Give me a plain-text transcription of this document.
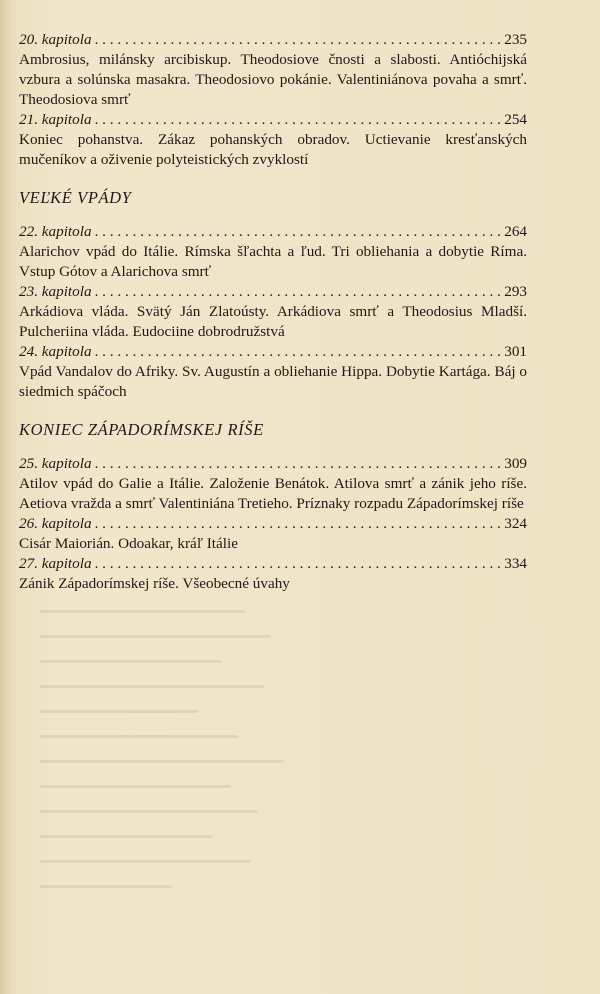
20. kapitola . . .	235

Ambrosius, milánsky arcibiskup. Theodosiove čnosti a slabosti. Antióchijská vzbura a solúnska masakra. Theodosiovo pokánie. Valentiniánova povaha a smrť. Theodosiova smrť

21. kapitola . . .	254

Koniec pohanstva. Zákaz pohanských obradov. Uctievanie kresťanských mučeníkov a oživenie polyteistických zvyklostí

VEĽKÉ VPÁDY
22. kapitola . . .	264

Alarichov vpád do Itálie. Rímska šľachta a ľud. Tri obliehania a dobytie Ríma. Vstup Gótov a Alarichova smrť

23. kapitola . . .	293

Arkádiova vláda. Svätý Ján Zlatoústy. Arkádiova smrť a Theodosius Mladší. Pulcheriina vláda. Eudociine dobrodružstvá

24. kapitola . . .	301

Vpád Vandalov do Afriky. Sv. Augustín a obliehanie Hippa. Dobytie Kartága. Báj o siedmich spáčoch

KONIEC ZÁPADORÍMSKEJ RÍŠE
25. kapitola . . .	309

Atilov vpád do Galie a Itálie. Založenie Benátok. Atilova smrť a zánik jeho ríše. Aetiova vražda a smrť Valentiniána Tretieho. Príznaky rozpadu Západorímskej ríše

26. kapitola . . .	324

Cisár Maiorián. Odoakar, kráľ Itálie

27. kapitola . . .	334

Zánik Západorímskej ríše. Všeobecné úvahy
